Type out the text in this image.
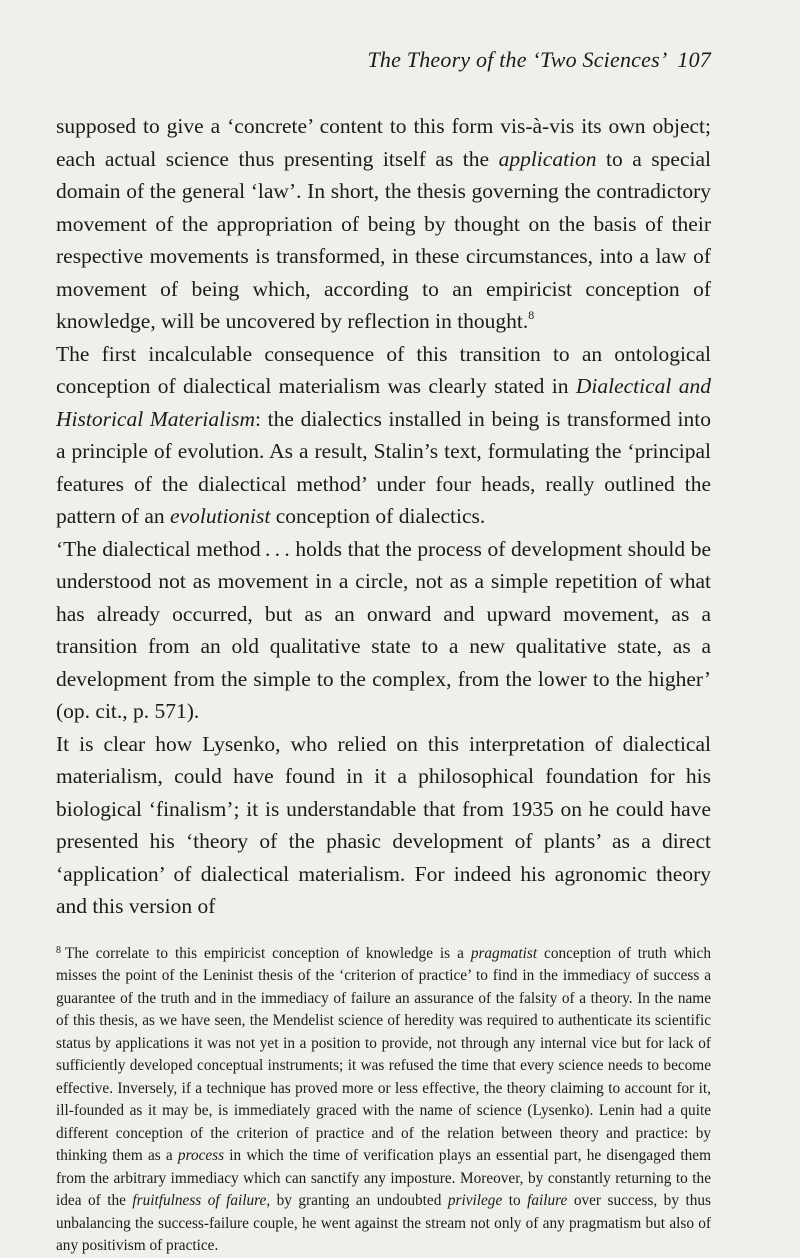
The Theory of the ‘Two Sciences’ 107

supposed to give a ‘concrete’ content to this form vis-à-vis its own object; each actual science thus presenting itself as the application to a special domain of the general ‘law’. In short, the thesis governing the contradictory movement of the appropriation of being by thought on the basis of their respective movements is transformed, in these circumstances, into a law of movement of being which, according to an empiricist conception of knowledge, will be uncovered by reflection in thought.$^8$

The first incalculable consequence of this transition to an ontological conception of dialectical materialism was clearly stated in Dialectical and Historical Materialism: the dialectics installed in being is transformed into a principle of evolution. As a result, Stalin’s text, formulating the ‘principal features of the dialectical method’ under four heads, really outlined the pattern of an evolutionist conception of dialectics.

‘The dialectical method . . . holds that the process of development should be understood not as movement in a circle, not as a simple repetition of what has already occurred, but as an onward and upward movement, as a transition from an old qualitative state to a new qualitative state, as a development from the simple to the complex, from the lower to the higher’ (op. cit., p. 571).

It is clear how Lysenko, who relied on this interpretation of dialectical materialism, could have found in it a philosophical foundation for his biological ‘finalism’; it is understandable that from 1935 on he could have presented his ‘theory of the phasic development of plants’ as a direct ‘application’ of dialectical materialism. For indeed his agronomic theory and this version of

$^8$ The correlate to this empiricist conception of knowledge is a pragmatist conception of truth which misses the point of the Leninist thesis of the ‘criterion of practice’ to find in the immediacy of success a guarantee of the truth and in the immediacy of failure an assurance of the falsity of a theory. In the name of this thesis, as we have seen, the Mendelist science of heredity was required to authenticate its scientific status by applications it was not yet in a position to provide, not through any internal vice but for lack of sufficiently developed conceptual instruments; it was refused the time that every science needs to become effective. Inversely, if a technique has proved more or less effective, the theory claiming to account for it, ill-founded as it may be, is immediately graced with the name of science (Lysenko). Lenin had a quite different conception of the criterion of practice and of the relation between theory and practice: by thinking them as a process in which the time of verification plays an essential part, he disengaged them from the arbitrary immediacy which can sanctify any imposture. Moreover, by constantly returning to the idea of the fruitfulness of failure, by granting an undoubted privilege to failure over success, by thus unbalancing the success-failure couple, he went against the stream not only of any pragmatism but also of any positivism of practice.
